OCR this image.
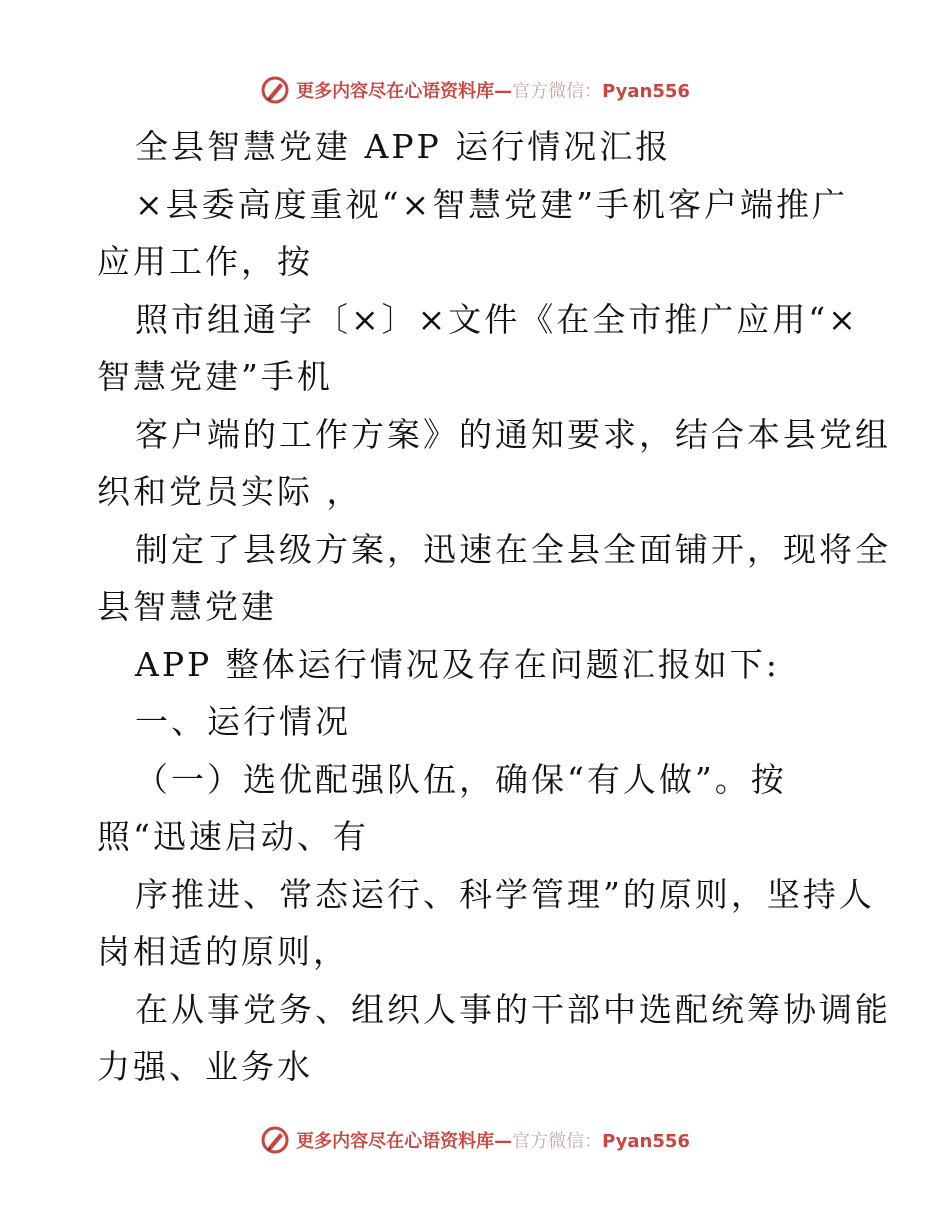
更多内容尽在心语资料库—官方微信：Pyan556
全县智慧党建 APP 运行情况汇报
×县委高度重视“×智慧党建”手机客户端推广
应用工作，按
照市组通字〔×〕×文件《在全市推广应用“×
智慧党建”手机
客户端的工作方案》的通知要求，结合本县党组
织和党员实际 ，
制定了县级方案，迅速在全县全面铺开，现将全
县智慧党建
APP 整体运行情况及存在问题汇报如下:
一、运行情况
（一）选优配强队伍，确保“有人做”。按
照“迅速启动、有
序推进、常态运行、科学管理”的原则，坚持人
岗相适的原则，
在从事党务、组织人事的干部中选配统筹协调能
力强、业务水
更多内容尽在心语资料库—官方微信：Pyan556
